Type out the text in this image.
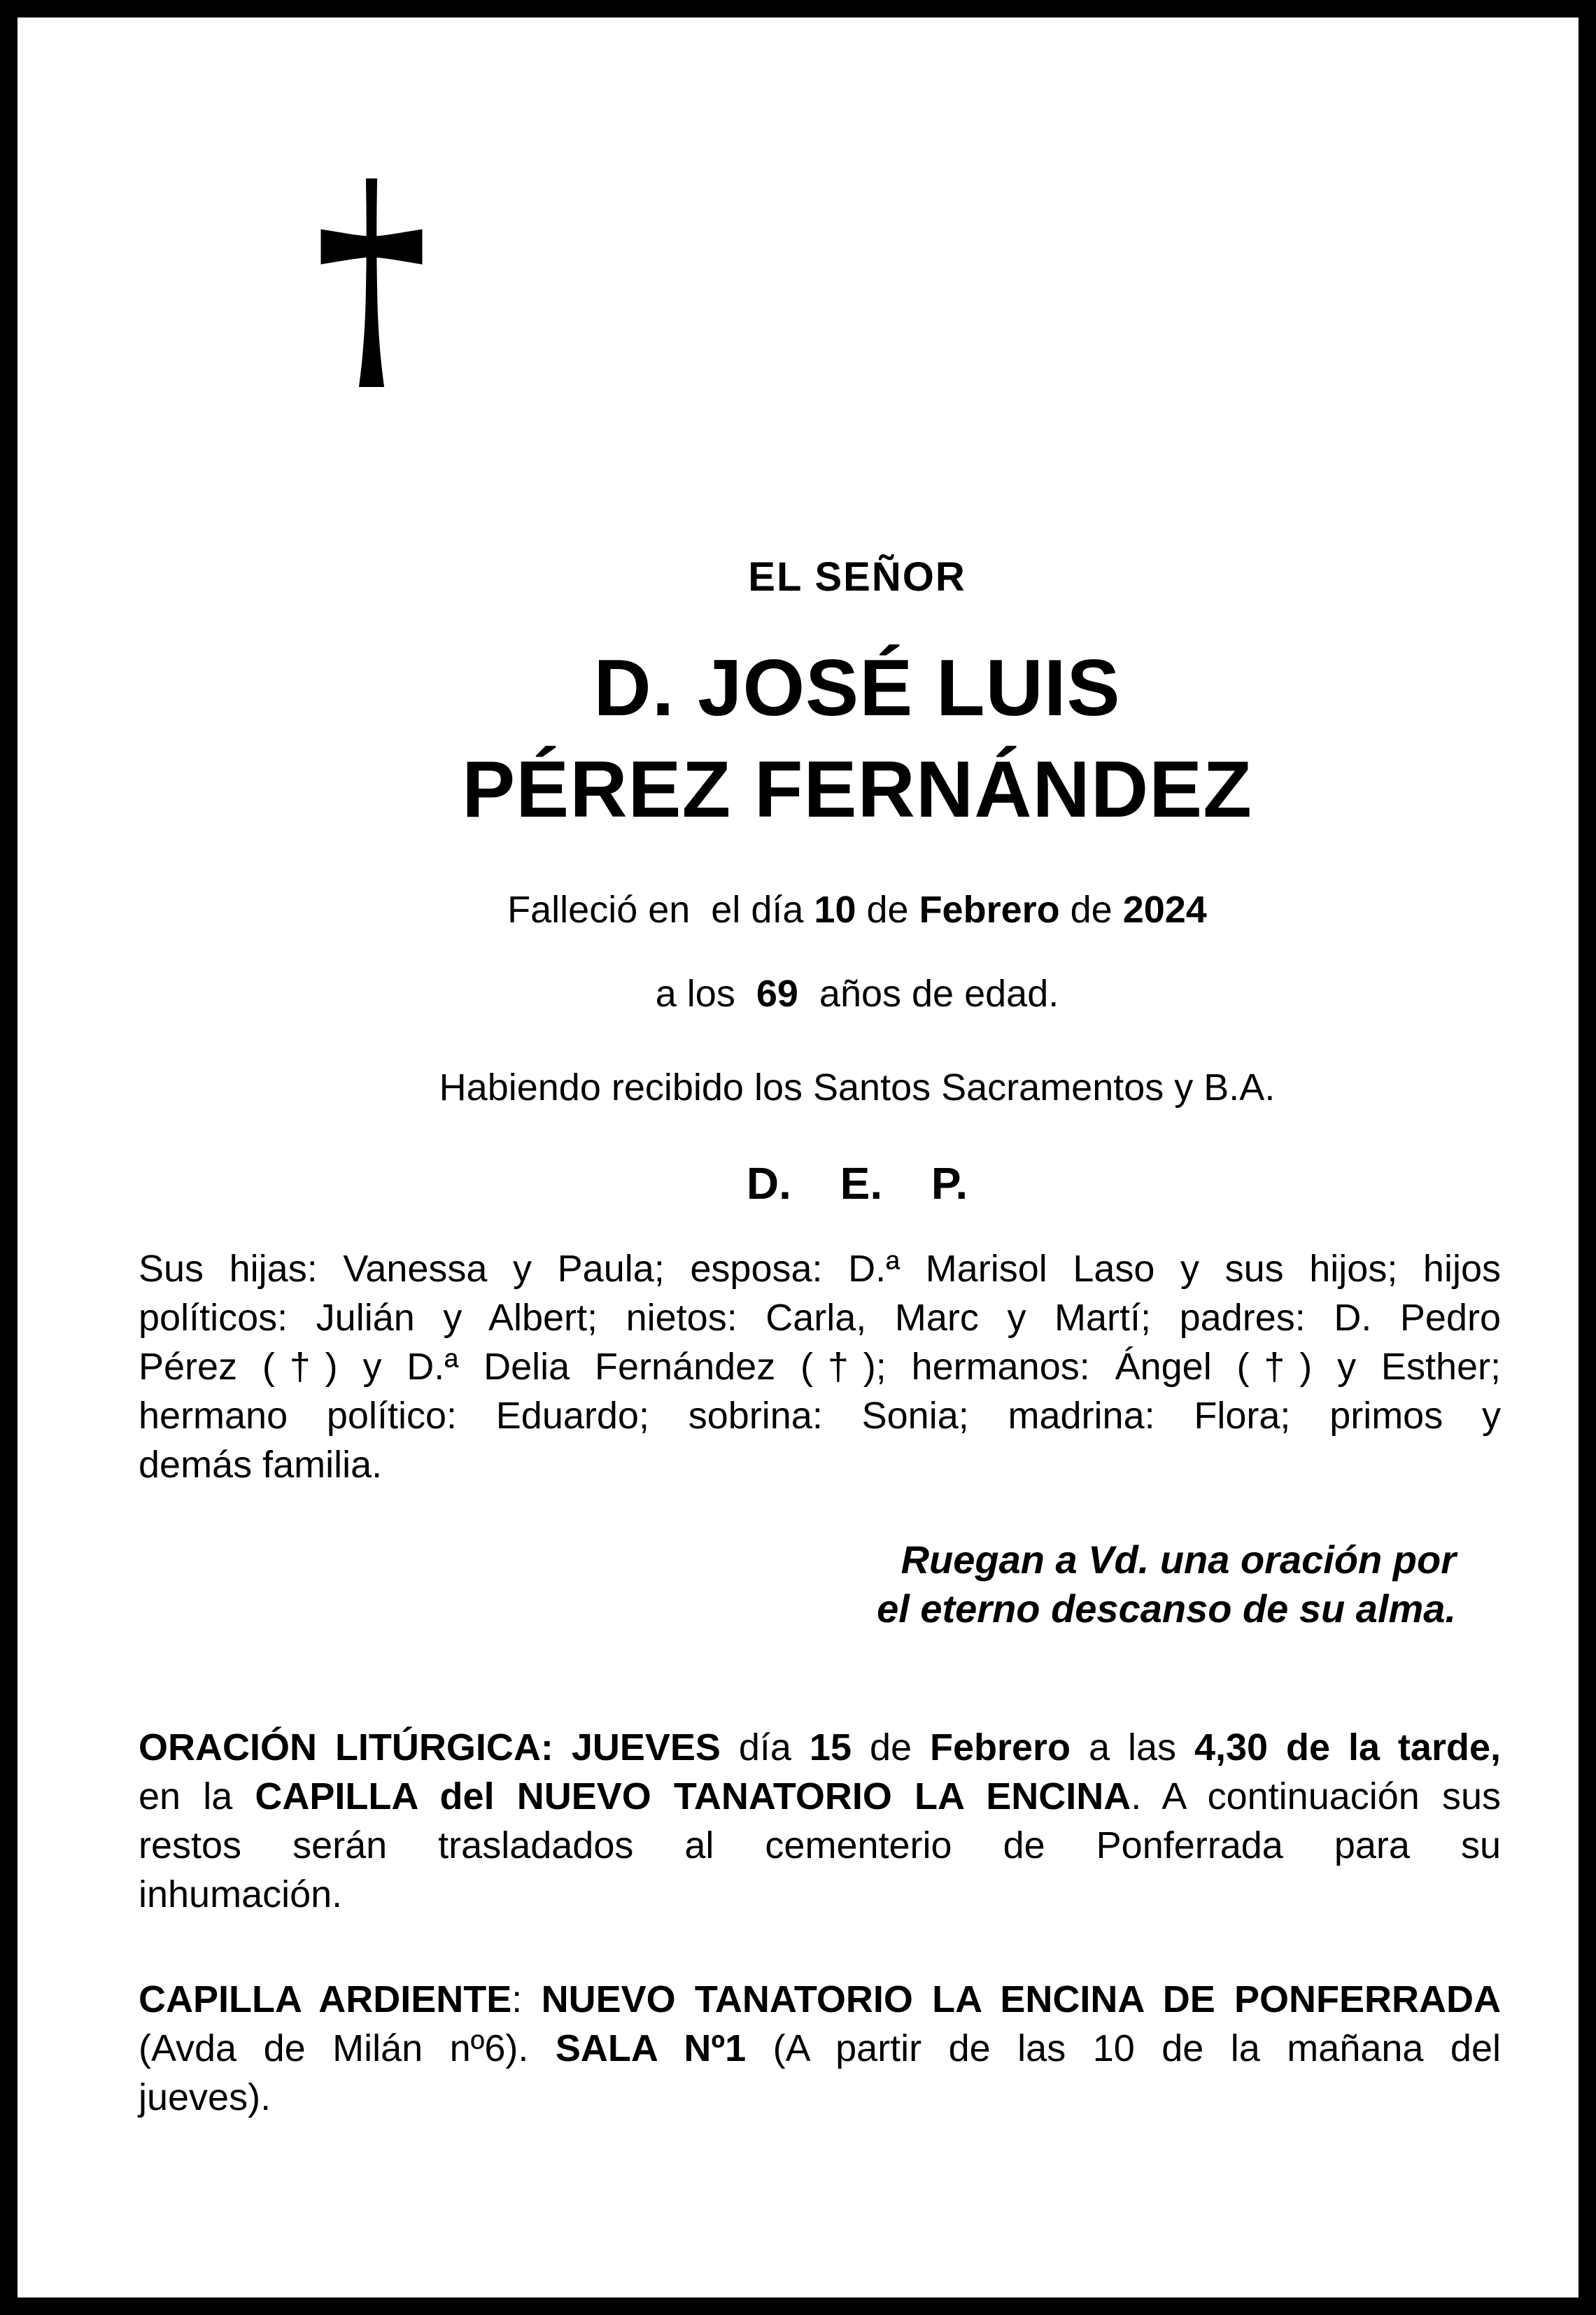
EL SEÑOR
D. JOSÉ LUIS
PÉREZ FERNÁNDEZ
Falleció en  el día 10 de Febrero de 2024
a los  69  años de edad.
Habiendo recibido los Santos Sacramentos y B.A.
D. E. P.
Sus hijas: Vanessa y Paula; esposa: D.ª Marisol Laso y sus hijos; hijos
políticos: Julián y Albert; nietos: Carla, Marc y Martí; padres: D. Pedro
Pérez (†) y D.ª Delia Fernández (†); hermanos: Ángel (†) y Esther;
hermano político: Eduardo; sobrina: Sonia; madrina: Flora; primos y
demás familia.
Ruegan a Vd. una oración por
el eterno descanso de su alma.
ORACIÓN LITÚRGICA: JUEVES día 15 de Febrero a las 4,30 de la tarde,
en la CAPILLA del NUEVO TANATORIO LA ENCINA. A continuación sus
restos serán trasladados al cementerio de Ponferrada para su
inhumación.
CAPILLA ARDIENTE: NUEVO TANATORIO LA ENCINA DE PONFERRADA
(Avda de Milán nº6). SALA Nº1 (A partir de las 10 de la mañana del
jueves).
